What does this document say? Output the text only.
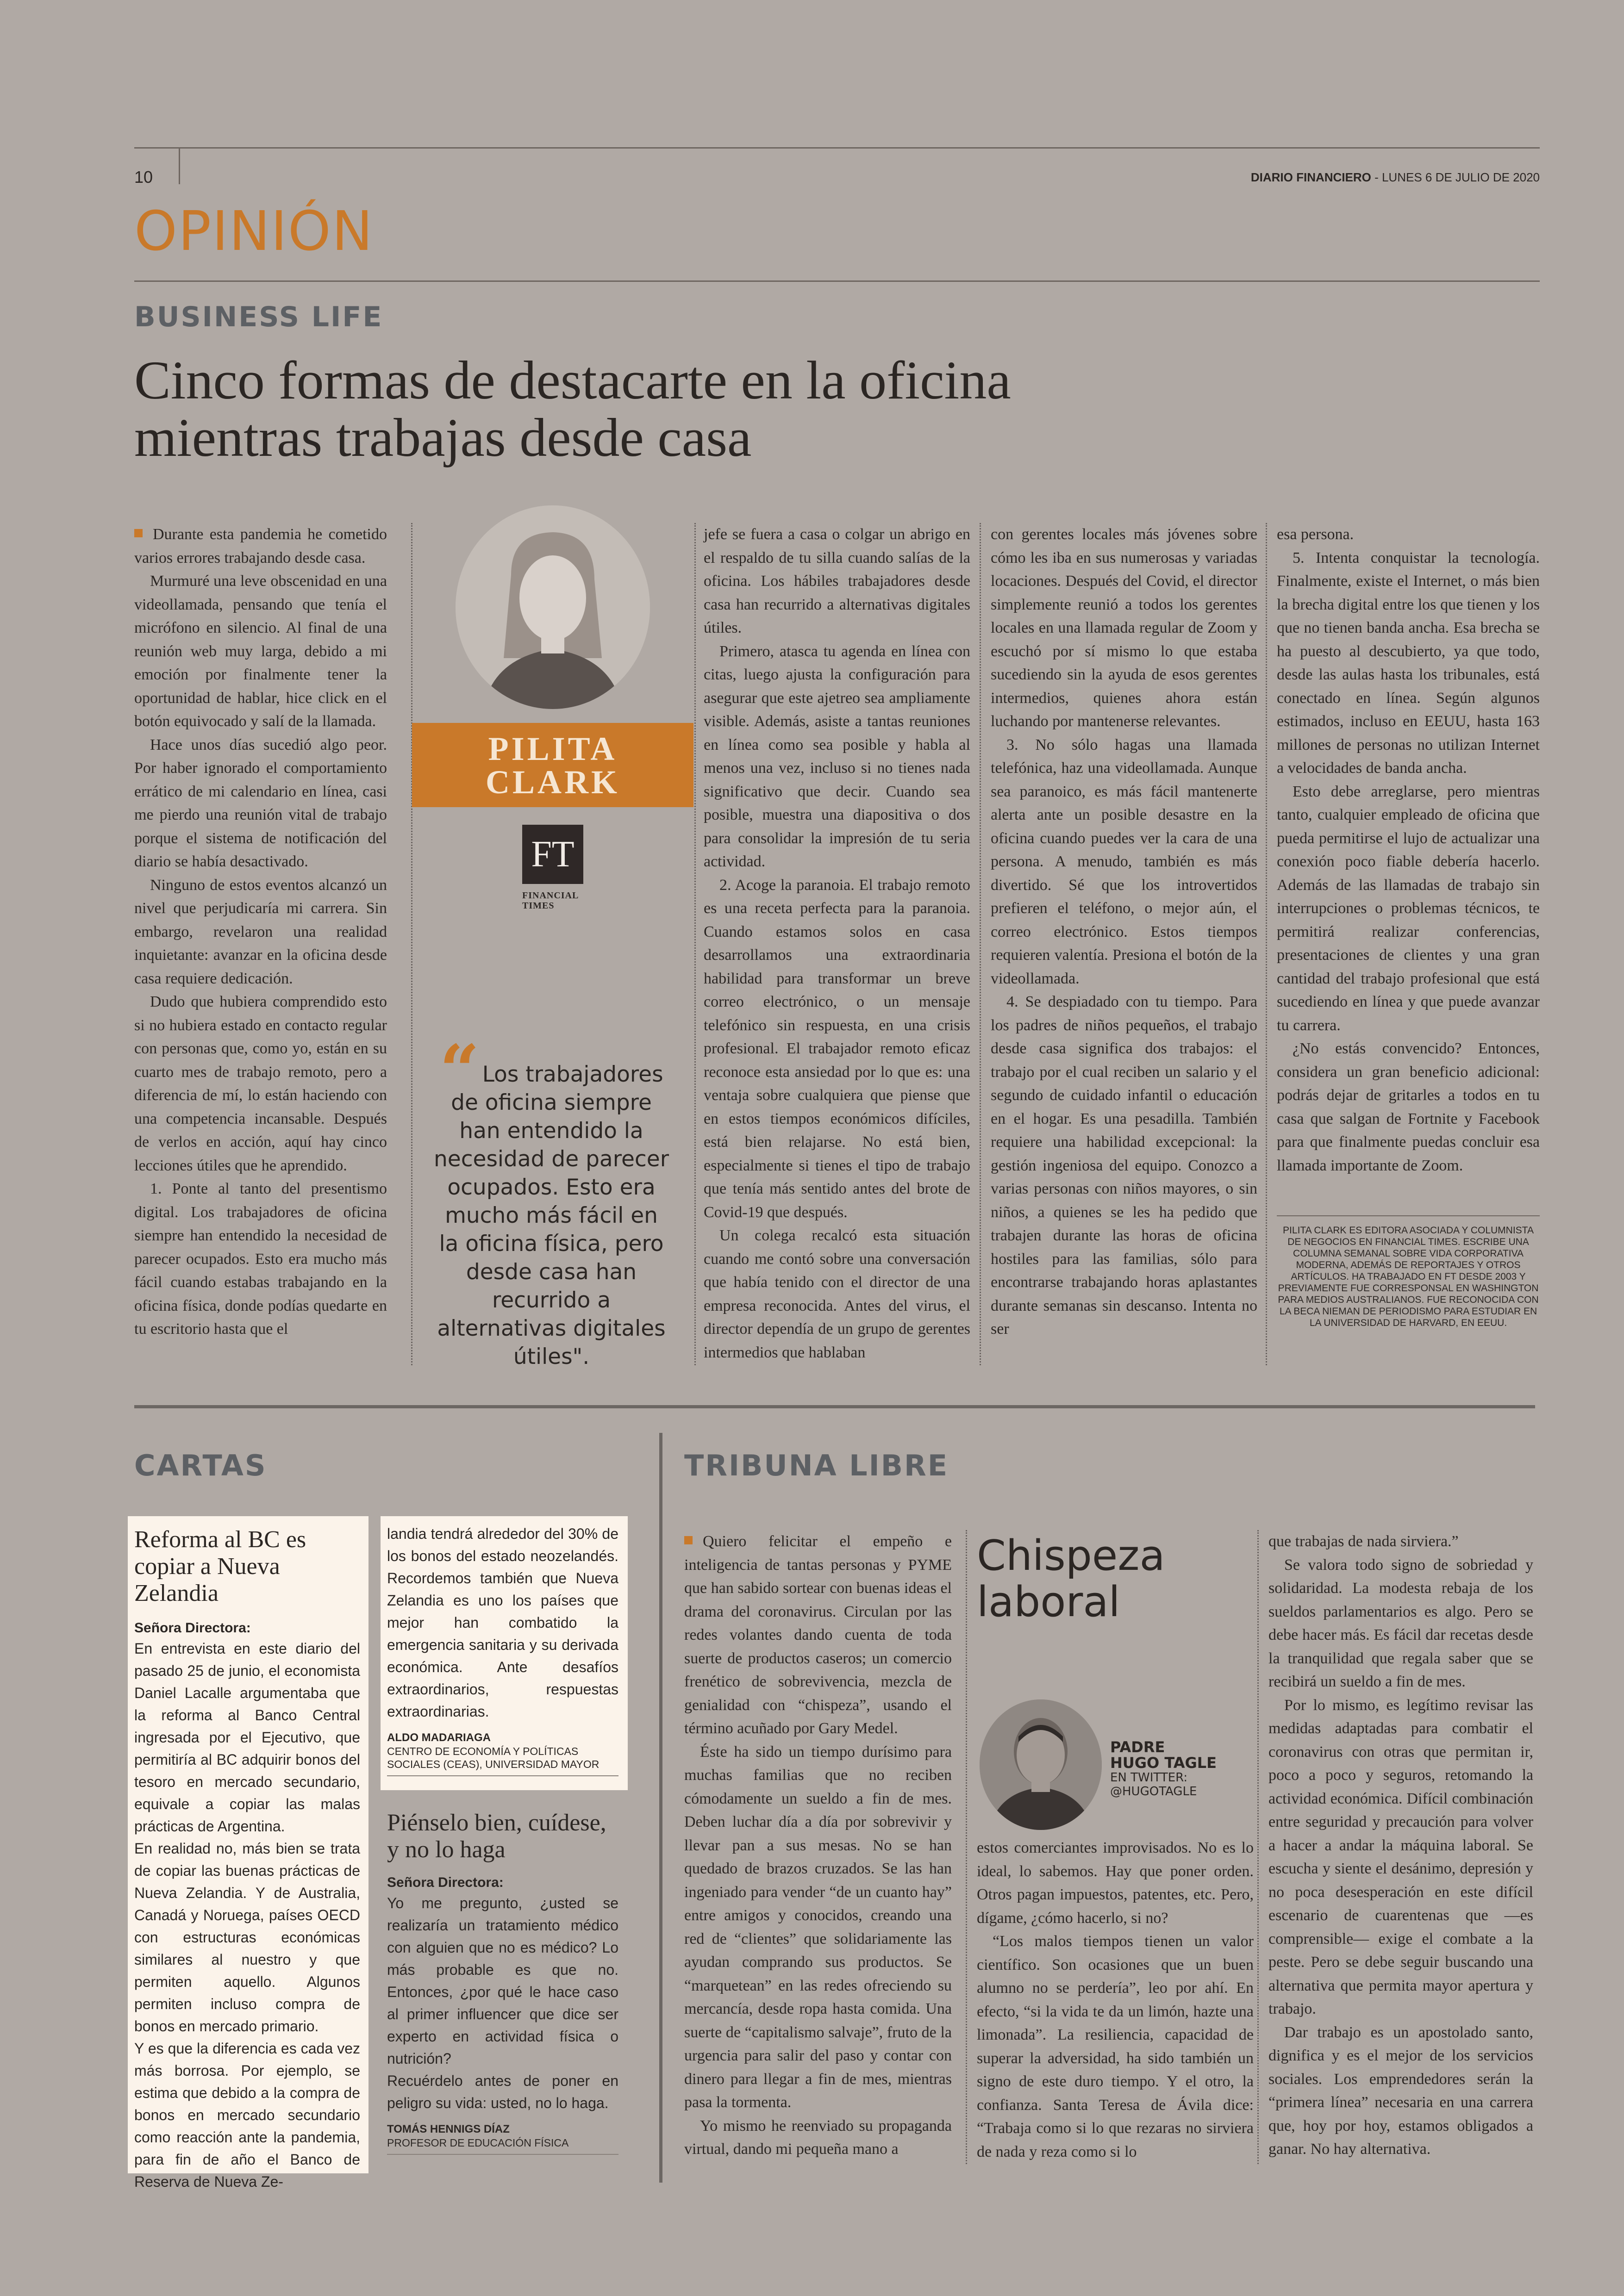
10	DIARIO FINANCIERO - LUNES 6 DE JULIO DE 2020
OPINIÓN
BUSINESS LIFE
Cinco formas de destacarte en la oficina
mientras trabajas desde casa

Durante esta pandemia he cometido varios errores trabajando desde casa.

Murmuré una leve obscenidad en una videollamada, pensando que tenía el micrófono en silencio. Al final de una reunión web muy larga, debido a mi emoción por finalmente tener la oportunidad de hablar, hice click en el botón equivocado y salí de la llamada.

Hace unos días sucedió algo peor. Por haber ignorado el comportamiento errático de mi calendario en línea, casi me pierdo una reunión vital de trabajo porque el sistema de notificación del diario se había desactivado.

Ninguno de estos eventos alcanzó un nivel que perjudicaría mi carrera. Sin embargo, revelaron una realidad inquietante: avanzar en la oficina desde casa requiere dedicación.

Dudo que hubiera comprendido esto si no hubiera estado en contacto regular con personas que, como yo, están en su cuarto mes de trabajo remoto, pero a diferencia de mí, lo están haciendo con una competencia incansable. Después de verlos en acción, aquí hay cinco lecciones útiles que he aprendido.

1. Ponte al tanto del presentismo digital. Los trabajadores de oficina siempre han entendido la necesidad de parecer ocupados. Esto era mucho más fácil cuando estabas trabajando en la oficina física, donde podías quedarte en tu escritorio hasta que el

PILITA
CLARK
FT
FINANCIAL
TIMES
“ Los trabajadores de oficina siempre han entendido la necesidad de parecer ocupados. Esto era mucho más fácil en la oficina física, pero desde casa han recurrido a alternativas digitales útiles".

jefe se fuera a casa o colgar un abrigo en el respaldo de tu silla cuando salías de la oficina. Los hábiles trabajadores desde casa han recurrido a alternativas digitales útiles.

Primero, atasca tu agenda en línea con citas, luego ajusta la configuración para asegurar que este ajetreo sea ampliamente visible. Además, asiste a tantas reuniones en línea como sea posible y habla al menos una vez, incluso si no tienes nada significativo que decir. Cuando sea posible, muestra una diapositiva o dos para consolidar la impresión de tu seria actividad.

2. Acoge la paranoia. El trabajo remoto es una receta perfecta para la paranoia. Cuando estamos solos en casa desarrollamos una extraordinaria habilidad para transformar un breve correo electrónico, o un mensaje telefónico sin respuesta, en una crisis profesional. El trabajador remoto eficaz reconoce esta ansiedad por lo que es: una ventaja sobre cualquiera que piense que en estos tiempos económicos difíciles, está bien relajarse. No está bien, especialmente si tienes el tipo de trabajo que tenía más sentido antes del brote de Covid-19 que después.

Un colega recalcó esta situación cuando me contó sobre una conversación que había tenido con el director de una empresa reconocida. Antes del virus, el director dependía de un grupo de gerentes intermedios que hablaban

con gerentes locales más jóvenes sobre cómo les iba en sus numerosas y variadas locaciones. Después del Covid, el director simplemente reunió a todos los gerentes locales en una llamada regular de Zoom y escuchó por sí mismo lo que estaba sucediendo sin la ayuda de esos gerentes intermedios, quienes ahora están luchando por mantenerse relevantes.

3. No sólo hagas una llamada telefónica, haz una videollamada. Aunque sea paranoico, es más fácil mantenerte alerta ante un posible desastre en la oficina cuando puedes ver la cara de una persona. A menudo, también es más divertido. Sé que los introvertidos prefieren el teléfono, o mejor aún, el correo electrónico. Estos tiempos requieren valentía. Presiona el botón de la videollamada.

4. Se despiadado con tu tiempo. Para los padres de niños pequeños, el trabajo desde casa significa dos trabajos: el trabajo por el cual reciben un salario y el segundo de cuidado infantil o educación en el hogar. Es una pesadilla. También requiere una habilidad excepcional: la gestión ingeniosa del equipo. Conozco a varias personas con niños mayores, o sin niños, a quienes se les ha pedido que trabajen durante las horas de oficina hostiles para las familias, sólo para encontrarse trabajando horas aplastantes durante semanas sin descanso. Intenta no ser

esa persona.

5. Intenta conquistar la tecnología. Finalmente, existe el Internet, o más bien la brecha digital entre los que tienen y los que no tienen banda ancha. Esa brecha se ha puesto al descubierto, ya que todo, desde las aulas hasta los tribunales, está conectado en línea. Según algunos estimados, incluso en EEUU, hasta 163 millones de personas no utilizan Internet a velocidades de banda ancha.

Esto debe arreglarse, pero mientras tanto, cualquier empleado de oficina que pueda permitirse el lujo de actualizar una conexión poco fiable debería hacerlo. Además de las llamadas de trabajo sin interrupciones o problemas técnicos, te permitirá realizar conferencias, presentaciones de clientes y una gran cantidad del trabajo profesional que está sucediendo en línea y que puede avanzar tu carrera.

¿No estás convencido? Entonces, considera un gran beneficio adicional: podrás dejar de gritarles a todos en tu casa que salgan de Fortnite y Facebook para que finalmente puedas concluir esa llamada importante de Zoom.

PILITA CLARK ES EDITORA ASOCIADA Y COLUMNISTA DE NEGOCIOS EN FINANCIAL TIMES. ESCRIBE UNA COLUMNA SEMANAL SOBRE VIDA CORPORATIVA MODERNA, ADEMÁS DE REPORTAJES Y OTROS ARTÍCULOS. HA TRABAJADO EN FT DESDE 2003 Y PREVIAMENTE FUE CORRESPONSAL EN WASHINGTON PARA MEDIOS AUSTRALIANOS. FUE RECONOCIDA CON LA BECA NIEMAN DE PERIODISMO PARA ESTUDIAR EN LA UNIVERSIDAD DE HARVARD, EN EEUU.
CARTAS
Reforma al BC es copiar a Nueva Zelandia
Señora Directora:

En entrevista en este diario del pasado 25 de junio, el economista Daniel Lacalle argumentaba que la reforma al Banco Central ingresada por el Ejecutivo, que permitiría al BC adquirir bonos del tesoro en mercado secundario, equivale a copiar las malas prácticas de Argentina.

En realidad no, más bien se trata de copiar las buenas prácticas de Nueva Zelandia. Y de Australia, Canadá y Noruega, países OECD con estructuras económicas similares al nuestro y que permiten aquello. Algunos permiten incluso compra de bonos en mercado primario.

Y es que la diferencia es cada vez más borrosa. Por ejemplo, se estima que debido a la compra de bonos en mercado secundario como reacción ante la pandemia, para fin de año el Banco de Reserva de Nueva Ze-

landia tendrá alrededor del 30% de los bonos del estado neozelandés. Recordemos también que Nueva Zelandia es uno los países que mejor han combatido la emergencia sanitaria y su derivada económica. Ante desafíos extraordinarios, respuestas extraordinarias.
ALDO MADARIAGA
CENTRO DE ECONOMÍA Y POLÍTICAS SOCIALES (CEAS), UNIVERSIDAD MAYOR
Piénselo bien, cuídese, y no lo haga
Señora Directora:

Yo me pregunto, ¿usted se realizaría un tratamiento médico con alguien que no es médico? Lo más probable es que no. Entonces, ¿por qué le hace caso al primer influencer que dice ser experto en actividad física o nutrición?

Recuérdelo antes de poner en peligro su vida: usted, no lo haga.

TOMÁS HENNIGS DÍAZ
PROFESOR DE EDUCACIÓN FÍSICA
TRIBUNA LIBRE

Quiero felicitar el empeño e inteligencia de tantas personas y PYME que han sabido sortear con buenas ideas el drama del coronavirus. Circulan por las redes volantes dando cuenta de toda suerte de productos caseros; un comercio frenético de sobrevivencia, mezcla de genialidad con “chispeza”, usando el término acuñado por Gary Medel.

Éste ha sido un tiempo durísimo para muchas familias que no reciben cómodamente un sueldo a fin de mes. Deben luchar día a día por sobrevivir y llevar pan a sus mesas. No se han quedado de brazos cruzados. Se las han ingeniado para vender “de un cuanto hay” entre amigos y conocidos, creando una red de “clientes” que solidariamente las ayudan comprando sus productos. Se “marquetean” en las redes ofreciendo su mercancía, desde ropa hasta comida. Una suerte de “capitalismo salvaje”, fruto de la urgencia para salir del paso y contar con dinero para llegar a fin de mes, mientras pasa la tormenta.

Yo mismo he reenviado su propaganda virtual, dando mi pequeña mano a

Chispeza
laboral
PADRE
HUGO TAGLE
EN TWITTER:
@HUGOTAGLE

estos comerciantes improvisados. No es lo ideal, lo sabemos. Hay que poner orden. Otros pagan impuestos, patentes, etc. Pero, dígame, ¿cómo hacerlo, si no?

“Los malos tiempos tienen un valor científico. Son ocasiones que un buen alumno no se perdería”, leo por ahí. En efecto, “si la vida te da un limón, hazte una limonada”. La resiliencia, capacidad de superar la adversidad, ha sido también un signo de este duro tiempo. Y el otro, la confianza. Santa Teresa de Ávila dice: “Trabaja como si lo que rezaras no sirviera de nada y reza como si lo

que trabajas de nada sirviera.”

Se valora todo signo de sobriedad y solidaridad. La modesta rebaja de los sueldos parlamentarios es algo. Pero se debe hacer más. Es fácil dar recetas desde la tranquilidad que regala saber que se recibirá un sueldo a fin de mes.

Por lo mismo, es legítimo revisar las medidas adaptadas para combatir el coronavirus con otras que permitan ir, poco a poco y seguros, retomando la actividad económica. Difícil combinación entre seguridad y precaución para volver a hacer a andar la máquina laboral. Se escucha y siente el desánimo, depresión y no poca desesperación en este difícil escenario de cuarentenas que —es comprensible— exige el combate a la peste. Pero se debe seguir buscando una alternativa que permita mayor apertura y trabajo.

Dar trabajo es un apostolado santo, dignifica y es el mejor de los servicios sociales. Los emprendedores serán la “primera línea” necesaria en una carrera que, hoy por hoy, estamos obligados a ganar. No hay alternativa.
